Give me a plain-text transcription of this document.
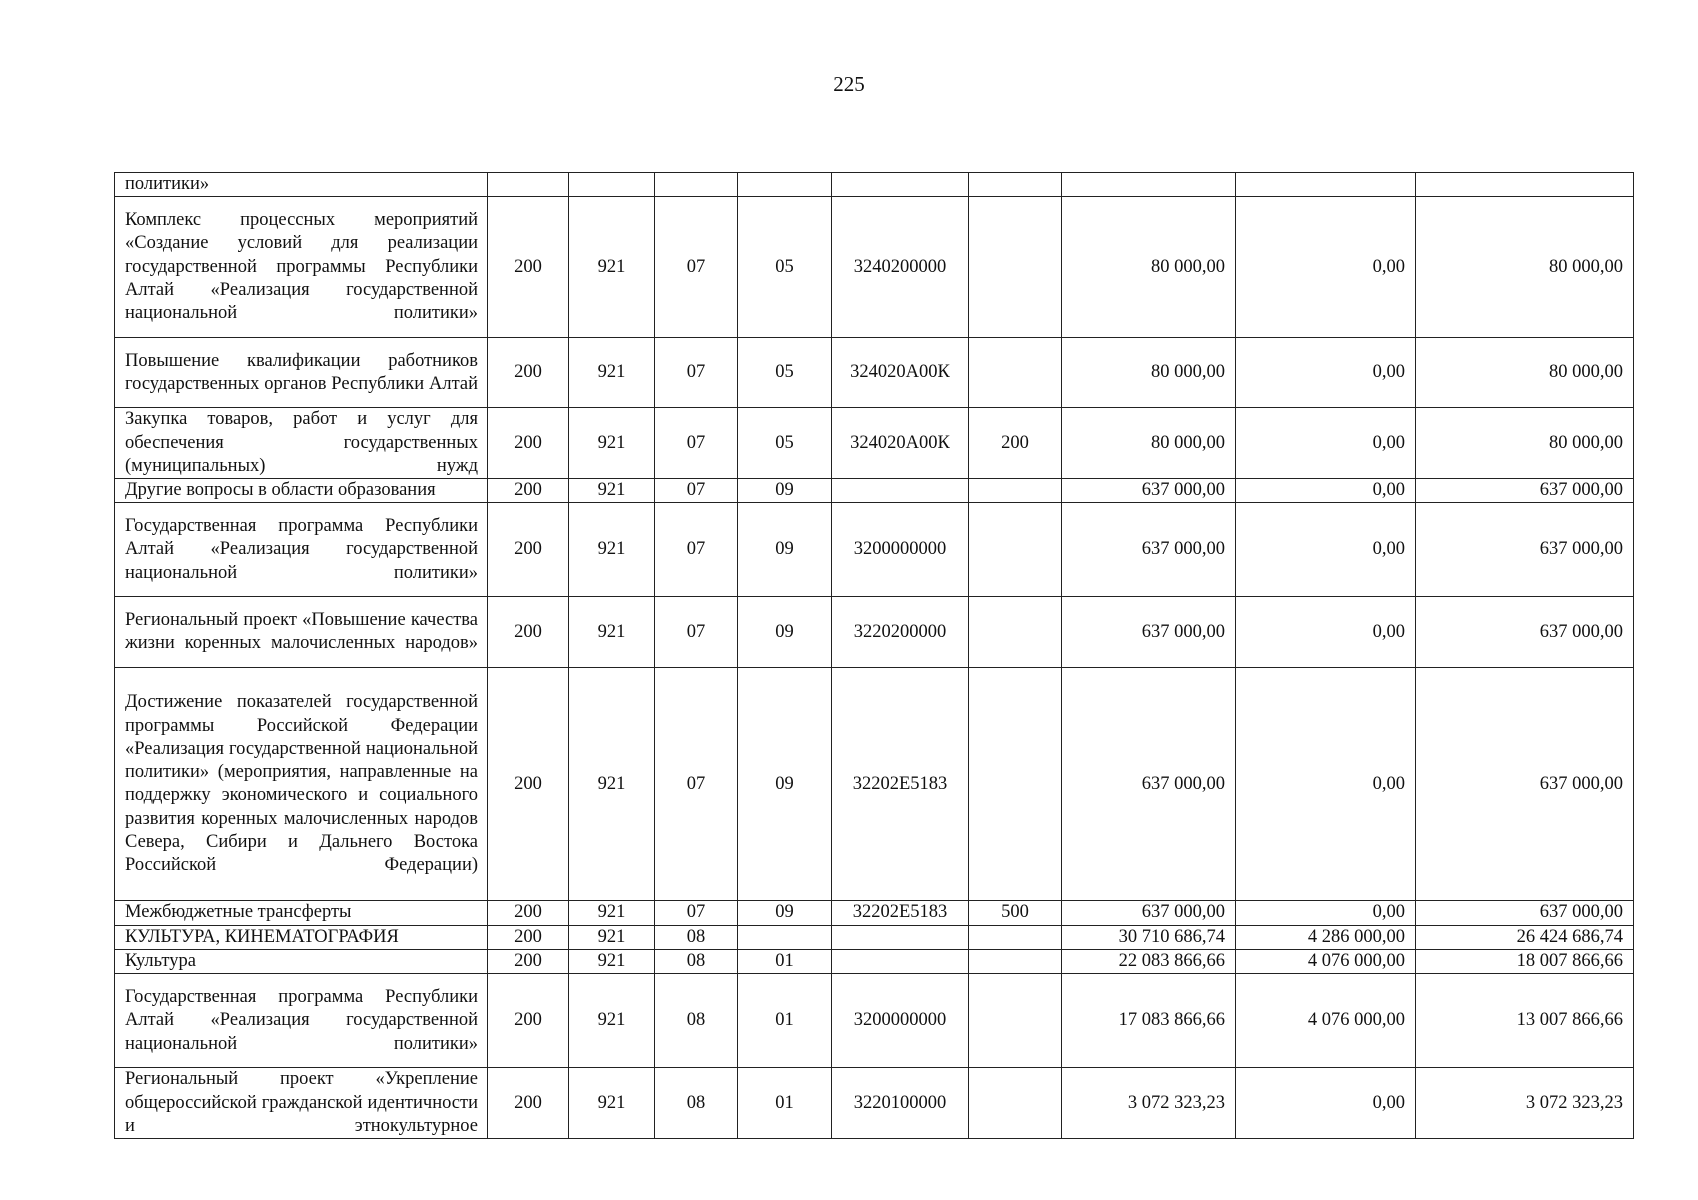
225
политики»									
Комплекс процессных мероприятий «Создание условий для реализации государственной программы Республики Алтай «Реализация государственной национальной политики»	200	921	07	05	3240200000		80 000,00	0,00	80 000,00
Повышение квалификации работников государственных органов Республики Алтай	200	921	07	05	324020А00К		80 000,00	0,00	80 000,00
Закупка товаров, работ и услуг для обеспечения государственных (муниципальных) нужд	200	921	07	05	324020А00К	200	80 000,00	0,00	80 000,00
Другие вопросы в области образования	200	921	07	09			637 000,00	0,00	637 000,00
Государственная программа Республики Алтай «Реализация государственной национальной политики»	200	921	07	09	3200000000		637 000,00	0,00	637 000,00
Региональный проект «Повышение качества жизни коренных малочисленных народов»	200	921	07	09	3220200000		637 000,00	0,00	637 000,00
Достижение показателей государственной программы Российской Федерации «Реализация государственной национальной политики» (мероприятия, направленные на поддержку экономического и социального развития коренных малочисленных народов Севера, Сибири и Дальнего Востока Российской Федерации)	200	921	07	09	32202E5183		637 000,00	0,00	637 000,00
Межбюджетные трансферты	200	921	07	09	32202E5183	500	637 000,00	0,00	637 000,00
КУЛЬТУРА, КИНЕМАТОГРАФИЯ	200	921	08				30 710 686,74	4 286 000,00	26 424 686,74
Культура	200	921	08	01			22 083 866,66	4 076 000,00	18 007 866,66
Государственная программа Республики Алтай «Реализация государственной национальной политики»	200	921	08	01	3200000000		17 083 866,66	4 076 000,00	13 007 866,66
Региональный проект «Укрепление общероссийской гражданской идентичности и этнокультурное	200	921	08	01	3220100000		3 072 323,23	0,00	3 072 323,23
